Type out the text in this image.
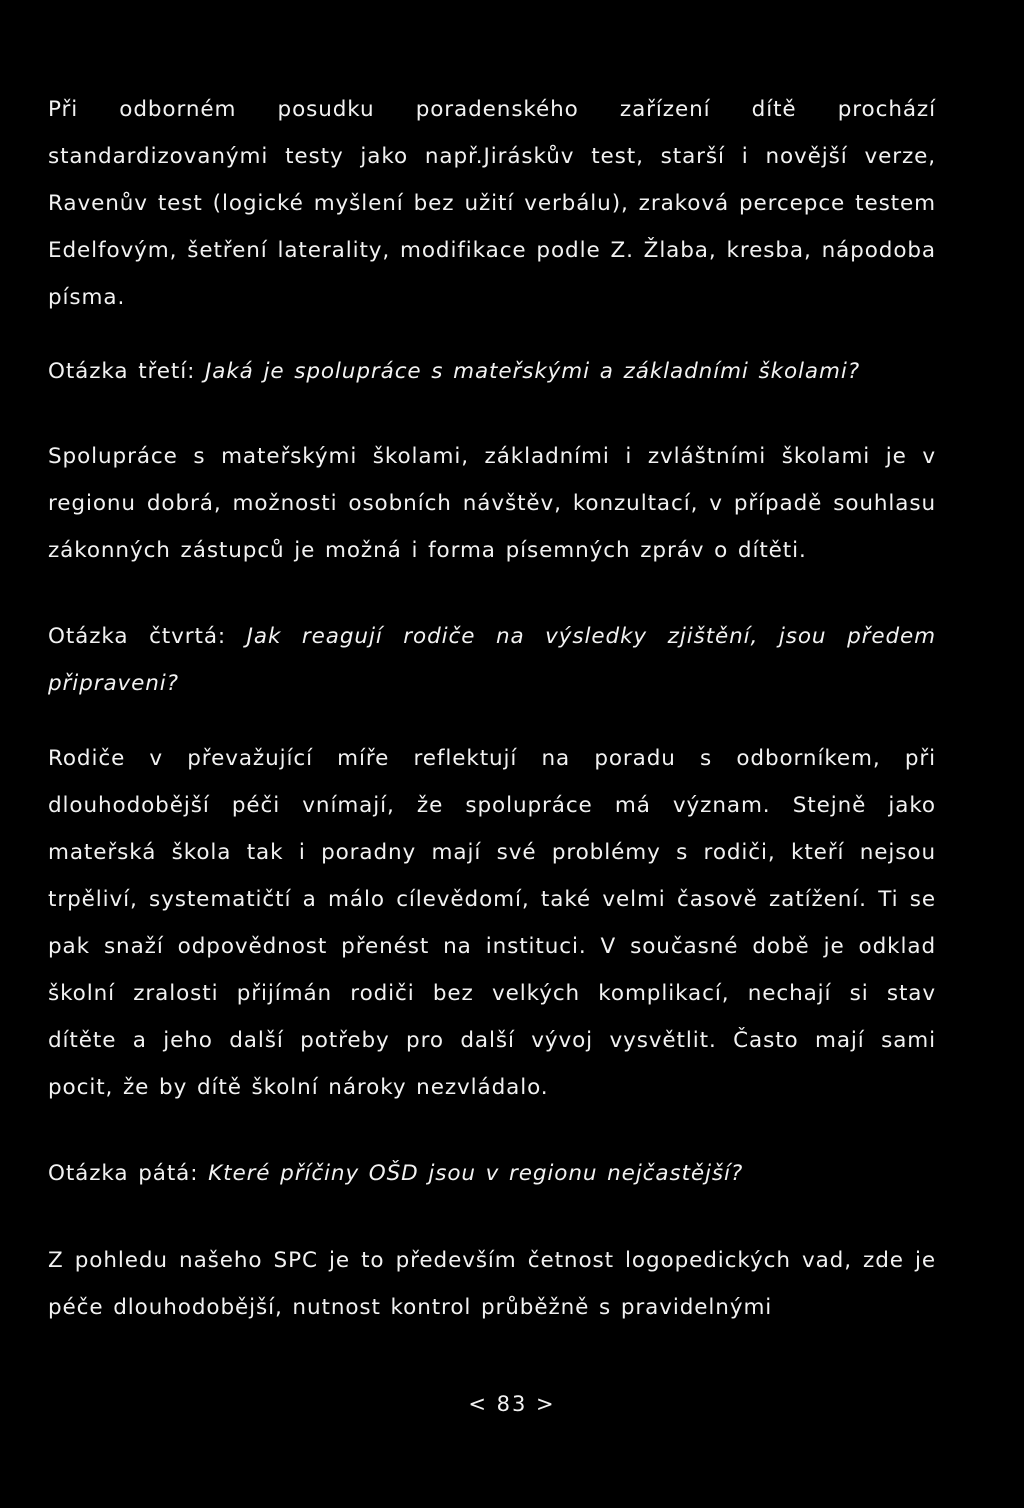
Při odborném posudku poradenského zařízení dítě prochází standardizovanými testy jako např.Jiráskův test, starší i novější verze, Ravenův test (logické myšlení bez užití verbálu), zraková percepce testem Edelfovým, šetření laterality, modifikace podle Z. Žlaba, kresba, nápodoba písma.

Otázka třetí: Jaká je spolupráce s mateřskými a základními školami?

Spolupráce s mateřskými školami, základními i zvláštními školami je v regionu dobrá, možnosti osobních návštěv, konzultací, v případě souhlasu zákonných zástupců je možná i forma písemných zpráv o dítěti.

Otázka čtvrtá: Jak reagují rodiče na výsledky zjištění, jsou předem připraveni?

Rodiče v převažující míře reflektují na poradu s odborníkem, při dlouhodobější péči vnímají, že spolupráce má význam. Stejně jako mateřská škola tak i poradny mají své problémy s rodiči, kteří nejsou trpěliví, systematičtí a málo cílevědomí, také velmi časově zatížení. Ti se pak snaží odpovědnost přenést na instituci. V současné době je odklad školní zralosti přijímán rodiči bez velkých komplikací, nechají si stav dítěte a jeho další potřeby pro další vývoj vysvětlit. Často mají sami pocit, že by dítě školní nároky nezvládalo.

Otázka pátá: Které příčiny OŠD jsou v regionu nejčastější?

Z pohledu našeho SPC je to především četnost logopedických vad, zde je péče dlouhodobější, nutnost kontrol průběžně s pravidelnými

< 83 >
